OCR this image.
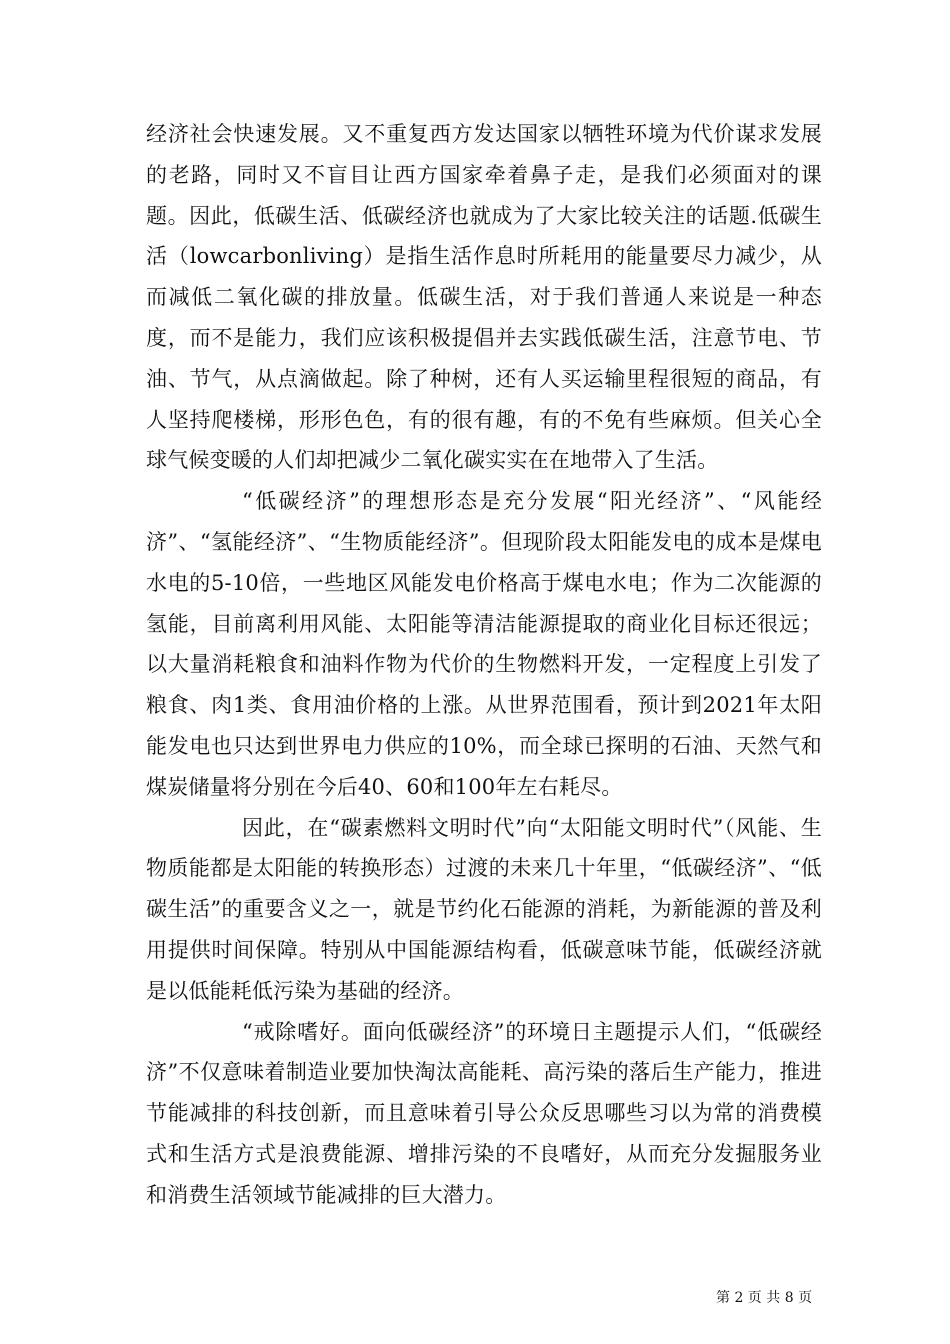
经济社会快速发展。又不重复西方发达国家以牺牲环境为代价谋求发展的老路，同时又不盲目让西方国家牵着鼻子走，是我们必须面对的课题。因此，低碳生活、低碳经济也就成为了大家比较关注的话题.低碳生活（lowcarbonliving）是指生活作息时所耗用的能量要尽力减少，从而减低二氧化碳的排放量。低碳生活，对于我们普通人来说是一种态度，而不是能力，我们应该积极提倡并去实践低碳生活，注意节电、节油、节气，从点滴做起。除了种树，还有人买运输里程很短的商品，有人坚持爬楼梯，形形色色，有的很有趣，有的不免有些麻烦。但关心全球气候变暖的人们却把减少二氧化碳实实在在地带入了生活。

“低碳经济”的理想形态是充分发展“阳光经济”、“风能经济”、“氢能经济”、“生物质能经济”。但现阶段太阳能发电的成本是煤电水电的5-10倍，一些地区风能发电价格高于煤电水电；作为二次能源的氢能，目前离利用风能、太阳能等清洁能源提取的商业化目标还很远；以大量消耗粮食和油料作物为代价的生物燃料开发，一定程度上引发了粮食、肉1类、食用油价格的上涨。从世界范围看，预计到2021年太阳能发电也只达到世界电力供应的10%，而全球已探明的石油、天然气和煤炭储量将分别在今后40、60和100年左右耗尽。

因此，在“碳素燃料文明时代”向“太阳能文明时代”（风能、生物质能都是太阳能的转换形态）过渡的未来几十年里，“低碳经济”、“低碳生活”的重要含义之一，就是节约化石能源的消耗，为新能源的普及利用提供时间保障。特别从中国能源结构看，低碳意味节能，低碳经济就是以低能耗低污染为基础的经济。

“戒除嗜好。面向低碳经济”的环境日主题提示人们，“低碳经济”不仅意味着制造业要加快淘汰高能耗、高污染的落后生产能力，推进节能减排的科技创新，而且意味着引导公众反思哪些习以为常的消费模式和生活方式是浪费能源、增排污染的不良嗜好，从而充分发掘服务业和消费生活领域节能减排的巨大潜力。

第 2 页 共 8 页
